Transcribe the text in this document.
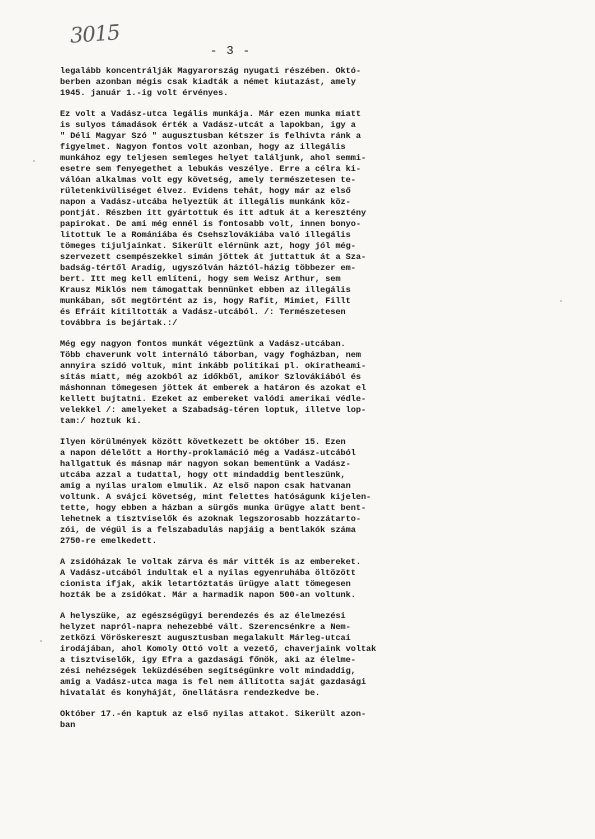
3015
- 3 -
legalább koncentrálják Magyarország nyugati részében. Októ-
berben azonban mégis csak kiadták a német kiutazást, amely
1945. január 1.-ig volt érvényes.
Ez volt a Vadász-utca legális munkája. Már ezen munka miatt
is sulyos támadások érték a Vadász-utcát a lapokban, igy a
" Déli Magyar Szó " augusztusban kétszer is felhivta ránk a
figyelmet. Nagyon fontos volt azonban, hogy az illegális
munkához egy teljesen semleges helyet találjunk, ahol semmi-
esetre sem fenyegethet a lebukás veszélye. Erre a célra ki-
válóan alkalmas volt egy követség, amely természetesen te-
rületenkivüliséget élvez. Evidens tehát, hogy már az első
napon a Vadász-utcába helyeztük át illegális munkánk köz-
pontját. Részben itt gyártottuk és itt adtuk át a keresztény
papirokat. De ami még ennél is fontosabb volt, innen bonyo-
litottuk le a Romániába és Csehszlovákiába való illegális
tömeges tijuljainkat. Sikerült elérnünk azt, hogy jól még-
szervezett csempészekkel simán jöttek át juttattuk át a Sza-
badság-tértől Aradig, ugyszólván háztól-házig többezer em-
bert. Itt meg kell említeni, hogy sem Weisz Arthur, sem
Krausz Miklós nem támogattak bennünket ebben az illegális
munkában, sőt megtörtént az is, hogy Rafit, Mimiet, Fillt
és Efráit kitiltották a Vadász-utcából. /: Természetesen
továbbra is bejártak.:/
Még egy nagyon fontos munkát végeztünk a Vadász-utcában.
Több chaverunk volt internáló táborban, vagy fogházban, nem
annyira szidó voltuk, mint inkább politikai pl. okiratheami-
sítás miatt, még azokból az időkből, amikor Szlovákiából és
máshonnan tömegesen jöttek át emberek a határon és azokat el
kellett bujtatni. Ezeket az embereket valódi amerikai védle-
velekkel /: amelyeket a Szabadság-téren loptuk, illetve lop-
tam:/ hoztuk ki.
Ilyen körülmények között következett be október 15. Ezen
a napon délelőtt a Horthy-proklamáció még a Vadász-utcából
hallgattuk és másnap már nagyon sokan bementünk a Vadász-
utcába azzal a tudattal, hogy ott mindaddig bentleszünk,
amig a nyilas uralom elmulik. Az első napon csak hatvanan
voltunk. A svájci követség, mint felettes hatóságunk kijelen-
tette, hogy ebben a házban a sürgős munka ürügye alatt bent-
lehetnek a tisztviselők és azoknak legszorosabb hozzátarto-
zói, de végül is a felszabadulás napjáig a bentlakók száma
2750-re emelkedett.
A zsidóházak le voltak zárva és már vitték is az embereket.
A Vadász-utcából indultak el a nyilas egyenruhába öltözött
cionista ifjak, akik letartóztatás ürügye alatt tömegesen
hozták be a zsidókat. Már a harmadik napon 500-an voltunk.
A helyszüke, az egészségügyi berendezés és az élelmezési
helyzet napról-napra nehezebbé vált. Szerencsénkre a Nem-
zetközi Vöröskereszt augusztusban megalakult Márleg-utcai
irodájában, ahol Komoly Ottó volt a vezető, chaverjaink voltak
a tisztviselők, igy Efra a gazdasági főnök, aki az élelme-
zési nehézségek leküzdésében segítségünkre volt mindaddig,
amig a Vadász-utca maga is fel nem állította saját gazdasági
hivatalát és konyháját, önellátásra rendezkedve be.
Október 17.-én kaptuk az első nyilas attakot. Sikerült azon-
ban
